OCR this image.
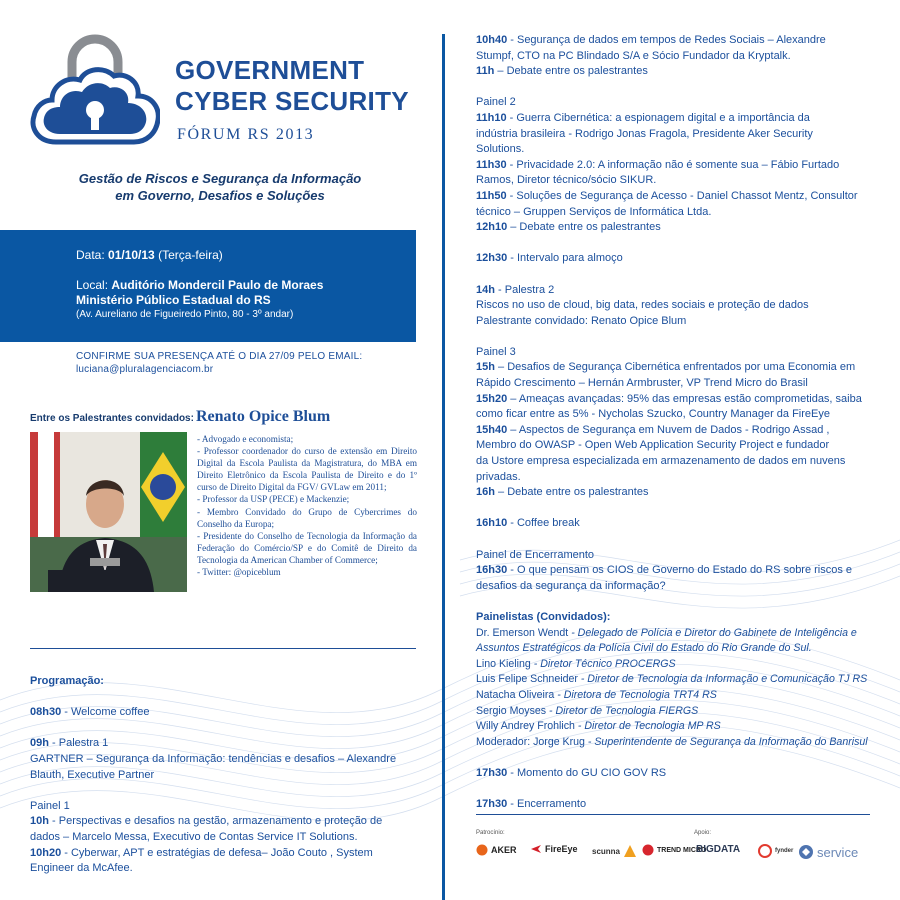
GOVERNMENT
CYBER SECURITY
FÓRUM RS 2013
Gestão de Riscos e Segurança da Informação
em Governo, Desafios e Soluções
Data: 01/10/13 (Terça-feira)
Local: Auditório Mondercil Paulo de Moraes
Ministério Público Estadual do RS
(Av. Aureliano de Figueiredo Pinto, 80 - 3º andar)
CONFIRME SUA PRESENÇA ATÉ O DIA 27/09 PELO EMAIL:
luciana@pluralagenciacom.br
Entre os Palestrantes convidados: Renato Opice Blum
- Advogado e economista;
- Professor coordenador do curso de extensão em Direito Digital da Escola Paulista da Magistratura, do MBA em Direito Eletrônico da Escola Paulista de Direito e do 1º curso de Direito Digital da FGV/ GVLaw em 2011;
- Professor da USP (PECE) e Mackenzie;
- Membro Convidado do Grupo de Cybercrimes do Conselho da Europa;
- Presidente do Conselho de Tecnologia da Informação da Federação do Comércio/SP e do Comitê de Direito da Tecnologia da American Chamber of Commerce;
- Twitter: @opiceblum
Programação:
08h30 - Welcome coffee
09h - Palestra 1
GARTNER – Segurança da Informação: tendências e desafios – Alexandre
Blauth, Executive Partner
Painel 1
10h - Perspectivas e desafios na gestão, armazenamento e proteção de
dados – Marcelo Messa, Executivo de Contas Service IT Solutions.
10h20 - Cyberwar, APT e estratégias de defesa– João Couto , System
Engineer da McAfee.
10h40 - Segurança de dados em tempos de Redes Sociais – Alexandre
Stumpf, CTO na PC Blindado S/A e Sócio Fundador da Kryptalk.
11h – Debate entre os palestrantes
Painel 2
11h10 - Guerra Cibernética: a espionagem digital e a importância da
indústria brasileira - Rodrigo Jonas Fragola, Presidente Aker Security
Solutions.
11h30 - Privacidade 2.0: A informação não é somente sua – Fábio Furtado
Ramos, Diretor técnico/sócio SIKUR.
11h50 - Soluções de Segurança de Acesso - Daniel Chassot Mentz, Consultor
técnico – Gruppen Serviços de Informática Ltda.
12h10 – Debate entre os palestrantes
12h30 - Intervalo para almoço
14h - Palestra 2
Riscos no uso de cloud, big data, redes sociais e proteção de dados
Palestrante convidado: Renato Opice Blum
Painel 3
15h – Desafios de Segurança Cibernética enfrentados por uma Economia em
Rápido Crescimento – Hernán Armbruster, VP Trend Micro do Brasil
15h20 – Ameaças avançadas: 95% das empresas estão comprometidas, saiba
como ficar entre as 5% - Nycholas Szucko, Country Manager da FireEye
15h40 – Aspectos de Segurança em Nuvem de Dados - Rodrigo Assad ,
Membro do OWASP - Open Web Application Security Project e fundador
da Ustore empresa especializada em armazenamento de dados em nuvens
privadas.
16h – Debate entre os palestrantes
16h10 - Coffee break
Painel de Encerramento
16h30 - O que pensam os CIOS de Governo do Estado do RS sobre riscos e
desafios da segurança da informação?
Painelistas (Convidados):
Dr. Emerson Wendt - Delegado de Polícia e Diretor do Gabinete de Inteligência e
Assuntos Estratégicos da Polícia Civil do Estado do Rio Grande do Sul.
Lino Kieling - Diretor Técnico PROCERGS
Luis Felipe Schneider - Diretor de Tecnologia da Informação e Comunicação TJ RS
Natacha Oliveira - Diretora de Tecnologia TRT4 RS
Sergio Moyses - Diretor de Tecnologia FIERGS
Willy Andrey Frohlich - Diretor de Tecnologia MP RS
Moderador: Jorge Krug - Superintendente de Segurança da Informação do Banrisul
17h30 - Momento do GU CIO GOV RS
17h30 - Encerramento
Patrocínio:	Apoio:
AKER	FireEye scunna	TREND MICRO
BIGDATA	fynder service
